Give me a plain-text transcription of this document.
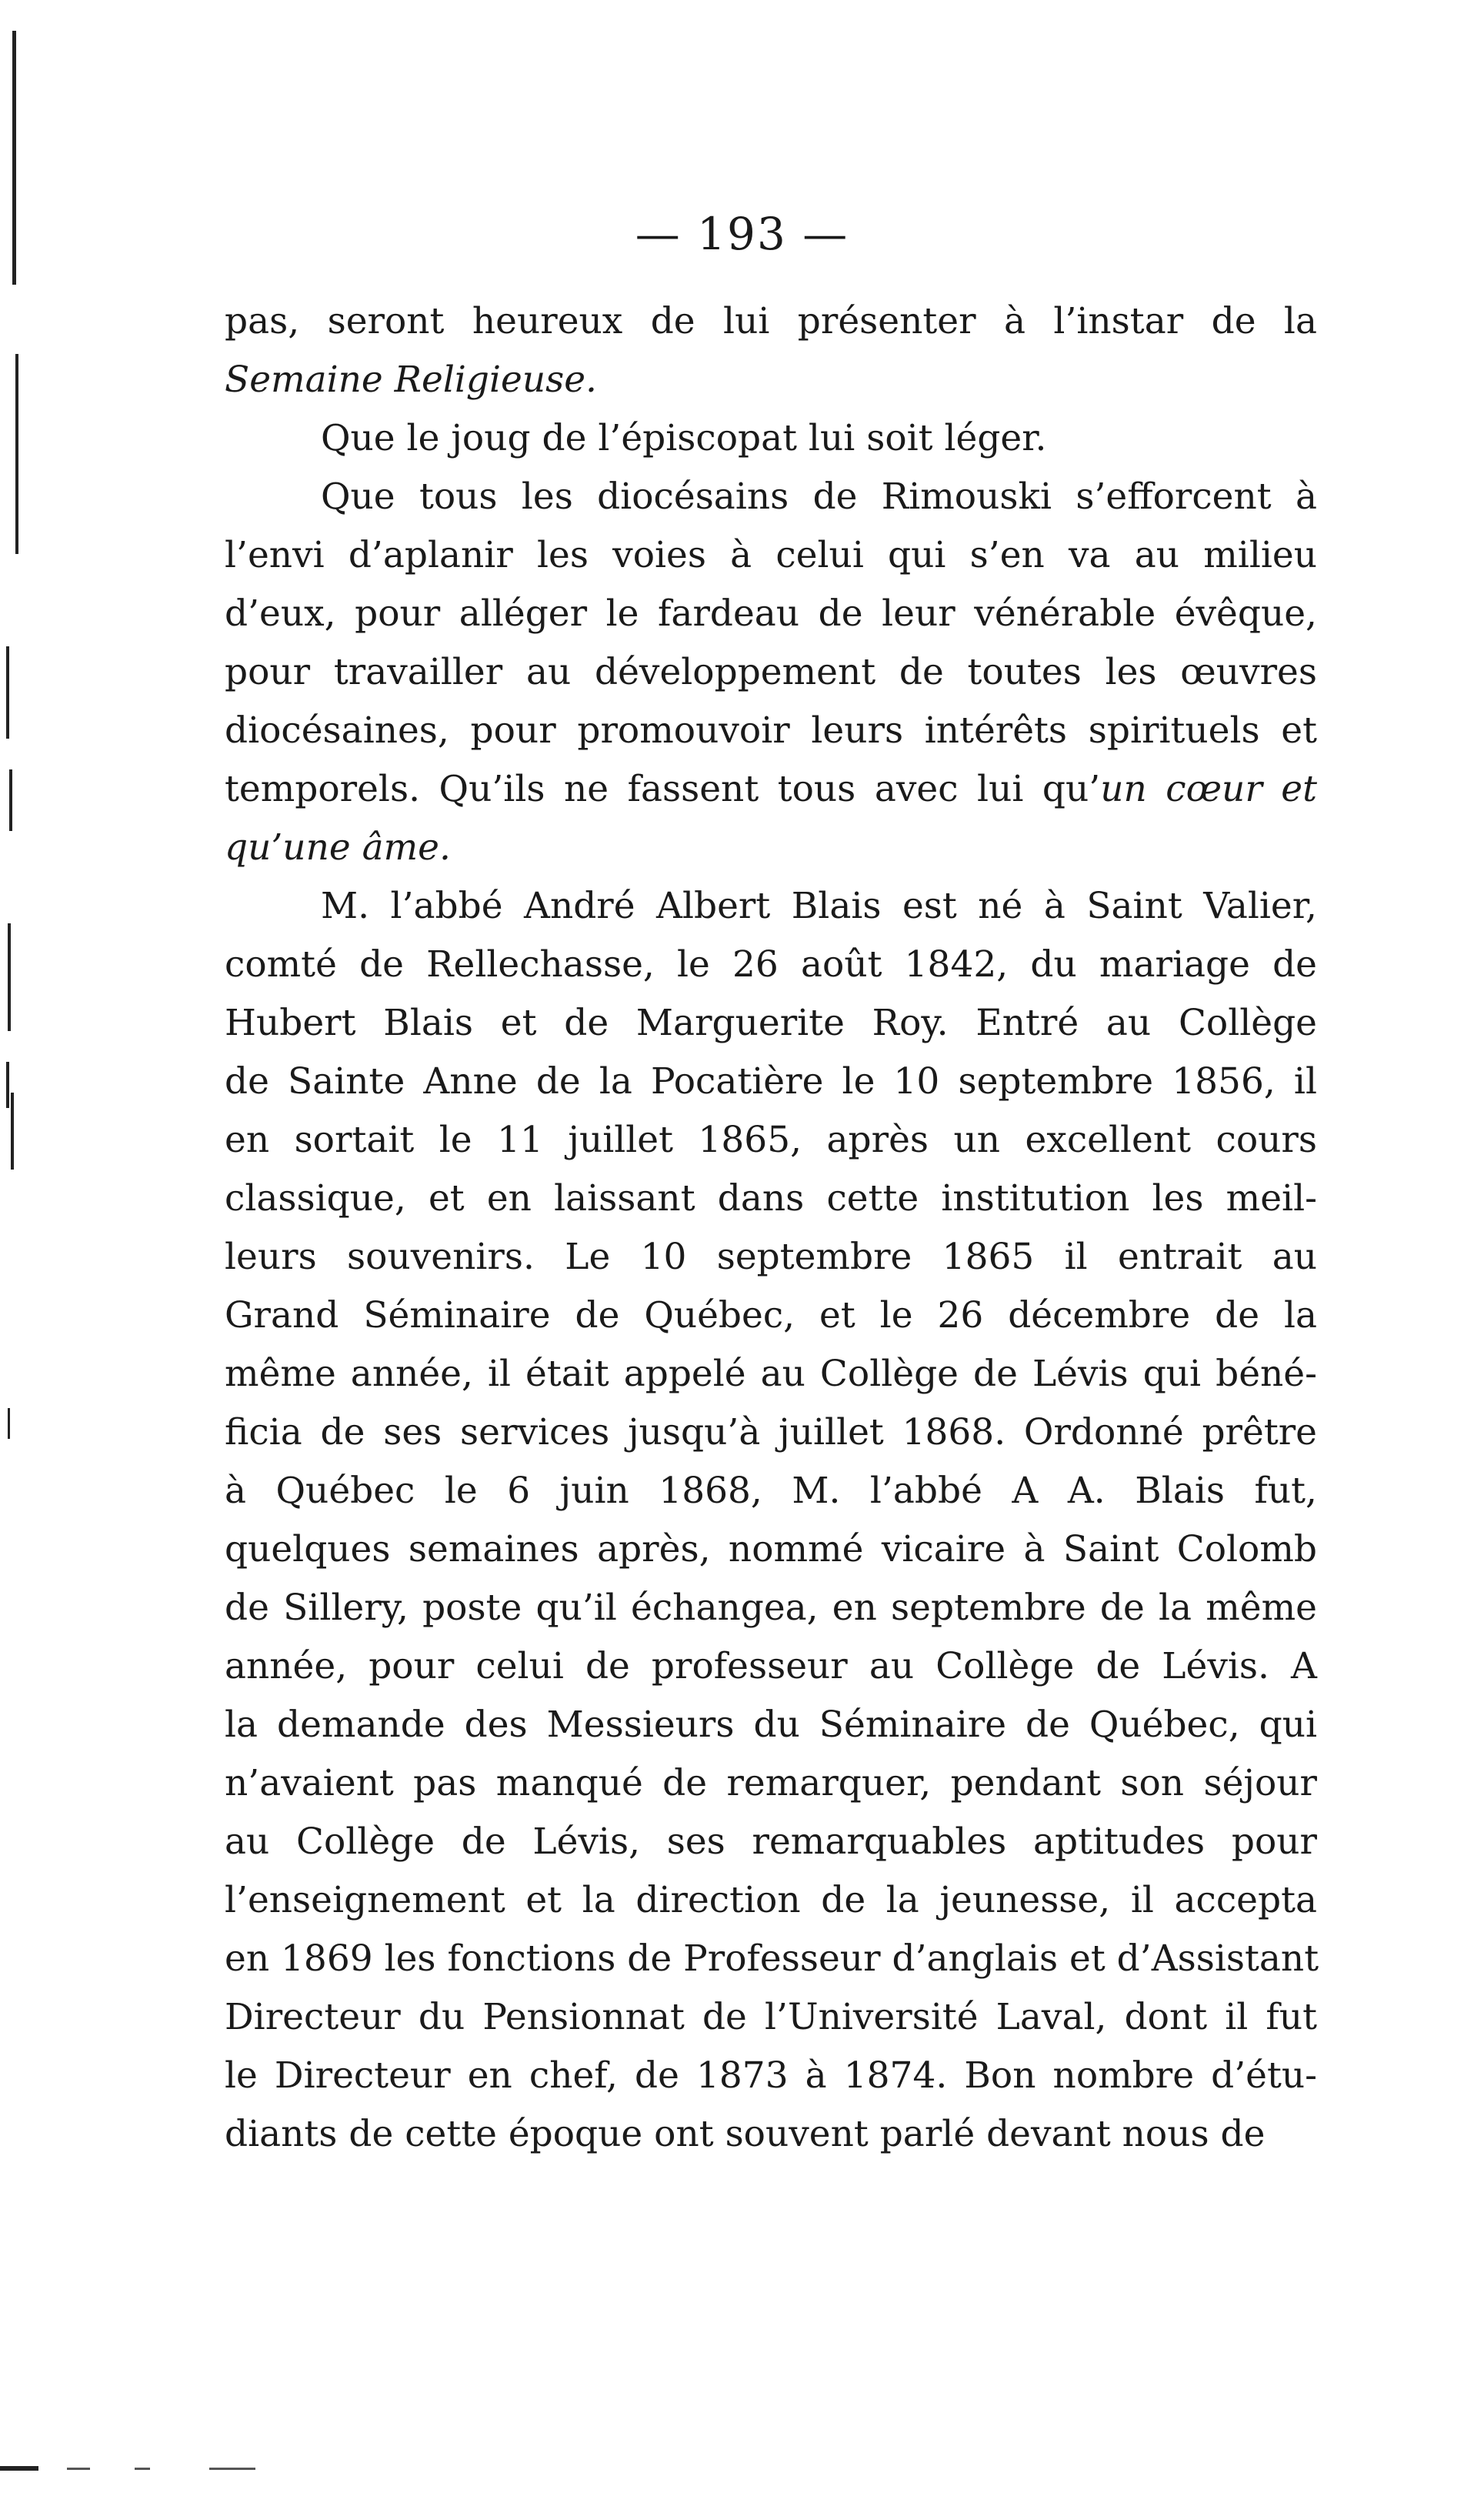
— 193 —
pas, seront heureux de lui présenter à l’instar de la
Semaine Religieuse.
Que le joug de l’épiscopat lui soit léger.
Que tous les diocésains de Rimouski s’efforcent à
l’envi d’aplanir les voies à celui qui s’en va au milieu
d’eux, pour alléger le fardeau de leur vénérable évêque,
pour travailler au développement de toutes les œuvres
diocésaines, pour promouvoir leurs intérêts spirituels et
temporels. Qu’ils ne fassent tous avec lui qu’un cœur et
qu’une âme.
M. l’abbé André Albert Blais est né à Saint Valier,
comté de Rellechasse, le 26 août 1842, du mariage de
Hubert Blais et de Marguerite Roy. Entré au Collège
de Sainte Anne de la Pocatière le 10 septembre 1856, il
en sortait le 11 juillet 1865, après un excellent cours
classique, et en laissant dans cette institution les meil-
leurs souvenirs. Le 10 septembre 1865 il entrait au
Grand Séminaire de Québec, et le 26 décembre de la
même année, il était appelé au Collège de Lévis qui béné-
ficia de ses services jusqu’à juillet 1868. Ordonné prêtre
à Québec le 6 juin 1868, M. l’abbé A A. Blais fut,
quelques semaines après, nommé vicaire à Saint Colomb
de Sillery, poste qu’il échangea, en septembre de la même
année, pour celui de professeur au Collège de Lévis. A
la demande des Messieurs du Séminaire de Québec, qui
n’avaient pas manqué de remarquer, pendant son séjour
au Collège de Lévis, ses remarquables aptitudes pour
l’enseignement et la direction de la jeunesse, il accepta
en 1869 les fonctions de Professeur d’anglais et d’Assistant
Directeur du Pensionnat de l’Université Laval, dont il fut
le Directeur en chef, de 1873 à 1874. Bon nombre d’étu-
diants de cette époque ont souvent parlé devant nous de
